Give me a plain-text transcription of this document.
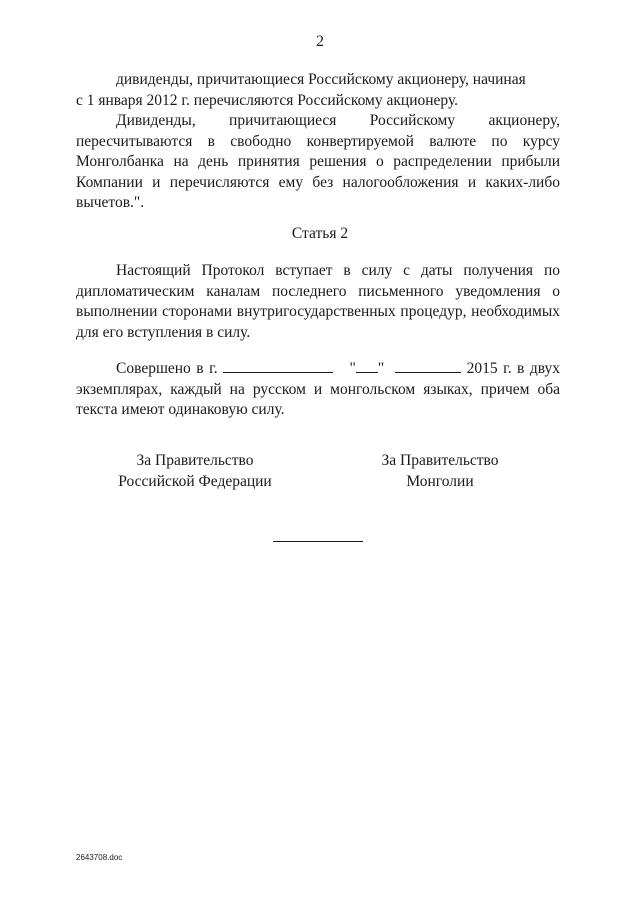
2

дивиденды, причитающиеся Российскому акционеру, начиная
с 1 января 2012 г. перечисляются Российскому акционеру.

Дивиденды, причитающиеся Российскому акционеру, пересчитываются в свободно конвертируемой валюте по курсу Монголбанка на день принятия решения о распределении прибыли Компании и перечисляются ему без налогообложения и каких-либо вычетов.".

Статья 2

Настоящий Протокол вступает в силу с даты получения по дипломатическим каналам последнего письменного уведомления о выполнении сторонами внутригосударственных процедур, необходимых для его вступления в силу.

Совершено в г.	" "	2015 г. в двух экземплярах, каждый на русском и монгольском языках, причем оба текста имеют одинаковую силу.

За Правительство
Российской Федерации
За Правительство
Монголии
2643708.doc
